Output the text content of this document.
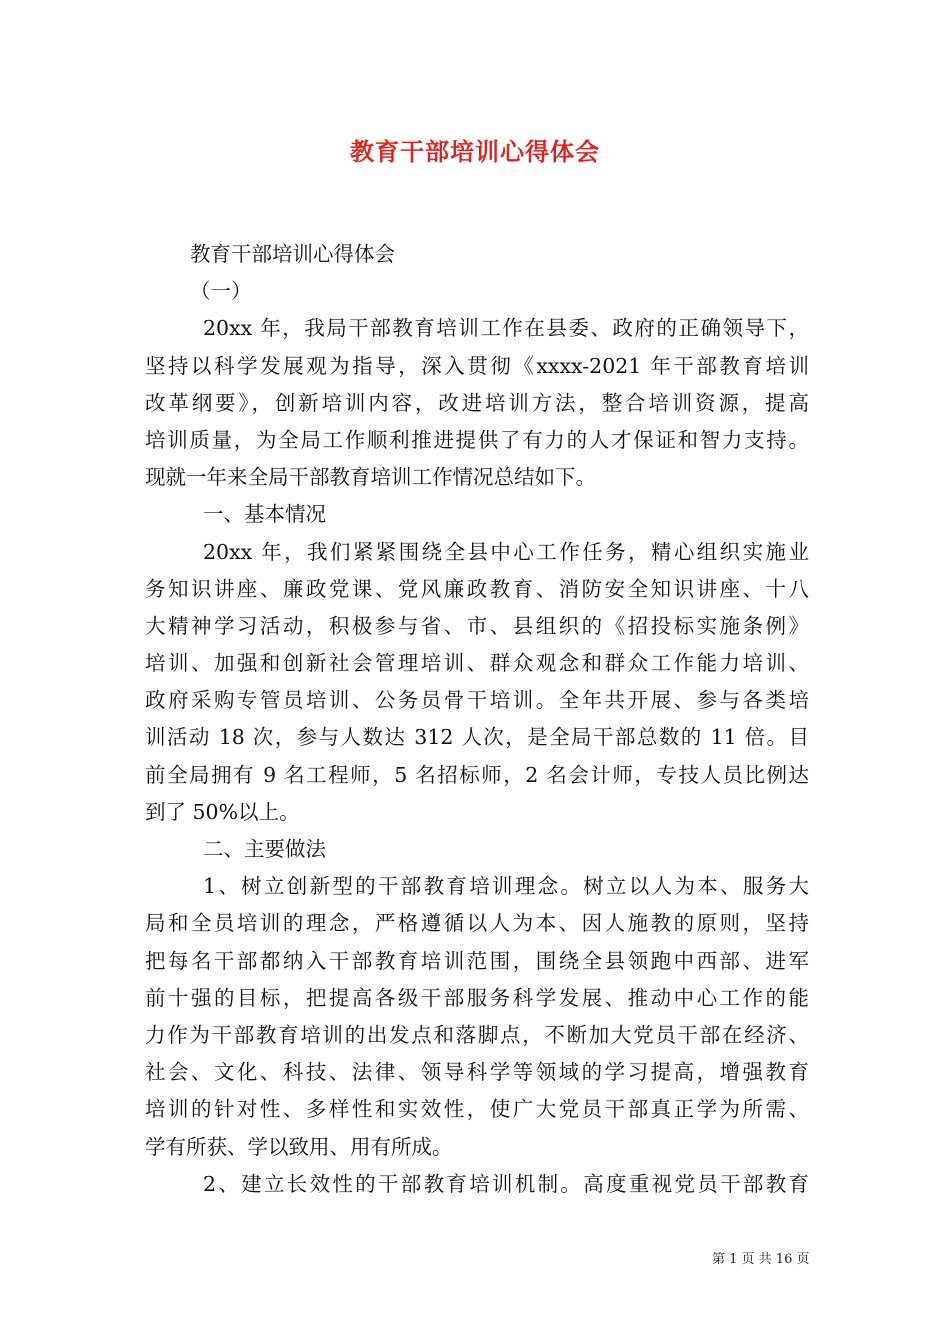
教育干部培训心得体会
教育干部培训心得体会
（一）
20xx 年，我局干部教育培训工作在县委、政府的正确领导下，
坚持以科学发展观为指导，深入贯彻《xxxx-2021 年干部教育培训
改革纲要》，创新培训内容，改进培训方法，整合培训资源，提高
培训质量，为全局工作顺利推进提供了有力的人才保证和智力支持。
现就一年来全局干部教育培训工作情况总结如下。
一、基本情况
20xx 年，我们紧紧围绕全县中心工作任务，精心组织实施业
务知识讲座、廉政党课、党风廉政教育、消防安全知识讲座、十八
大精神学习活动，积极参与省、市、县组织的《招投标实施条例》
培训、加强和创新社会管理培训、群众观念和群众工作能力培训、
政府采购专管员培训、公务员骨干培训。全年共开展、参与各类培
训活动 18 次，参与人数达 312 人次，是全局干部总数的 11 倍。目
前全局拥有 9 名工程师，5 名招标师，2 名会计师，专技人员比例达
到了 50%以上。
二、主要做法
1、树立创新型的干部教育培训理念。树立以人为本、服务大
局和全员培训的理念，严格遵循以人为本、因人施教的原则，坚持
把每名干部都纳入干部教育培训范围，围绕全县领跑中西部、进军
前十强的目标，把提高各级干部服务科学发展、推动中心工作的能
力作为干部教育培训的出发点和落脚点，不断加大党员干部在经济、
社会、文化、科技、法律、领导科学等领域的学习提高，增强教育
培训的针对性、多样性和实效性，使广大党员干部真正学为所需、
学有所获、学以致用、用有所成。
2、建立长效性的干部教育培训机制。高度重视党员干部教育
第 1 页 共 16 页
